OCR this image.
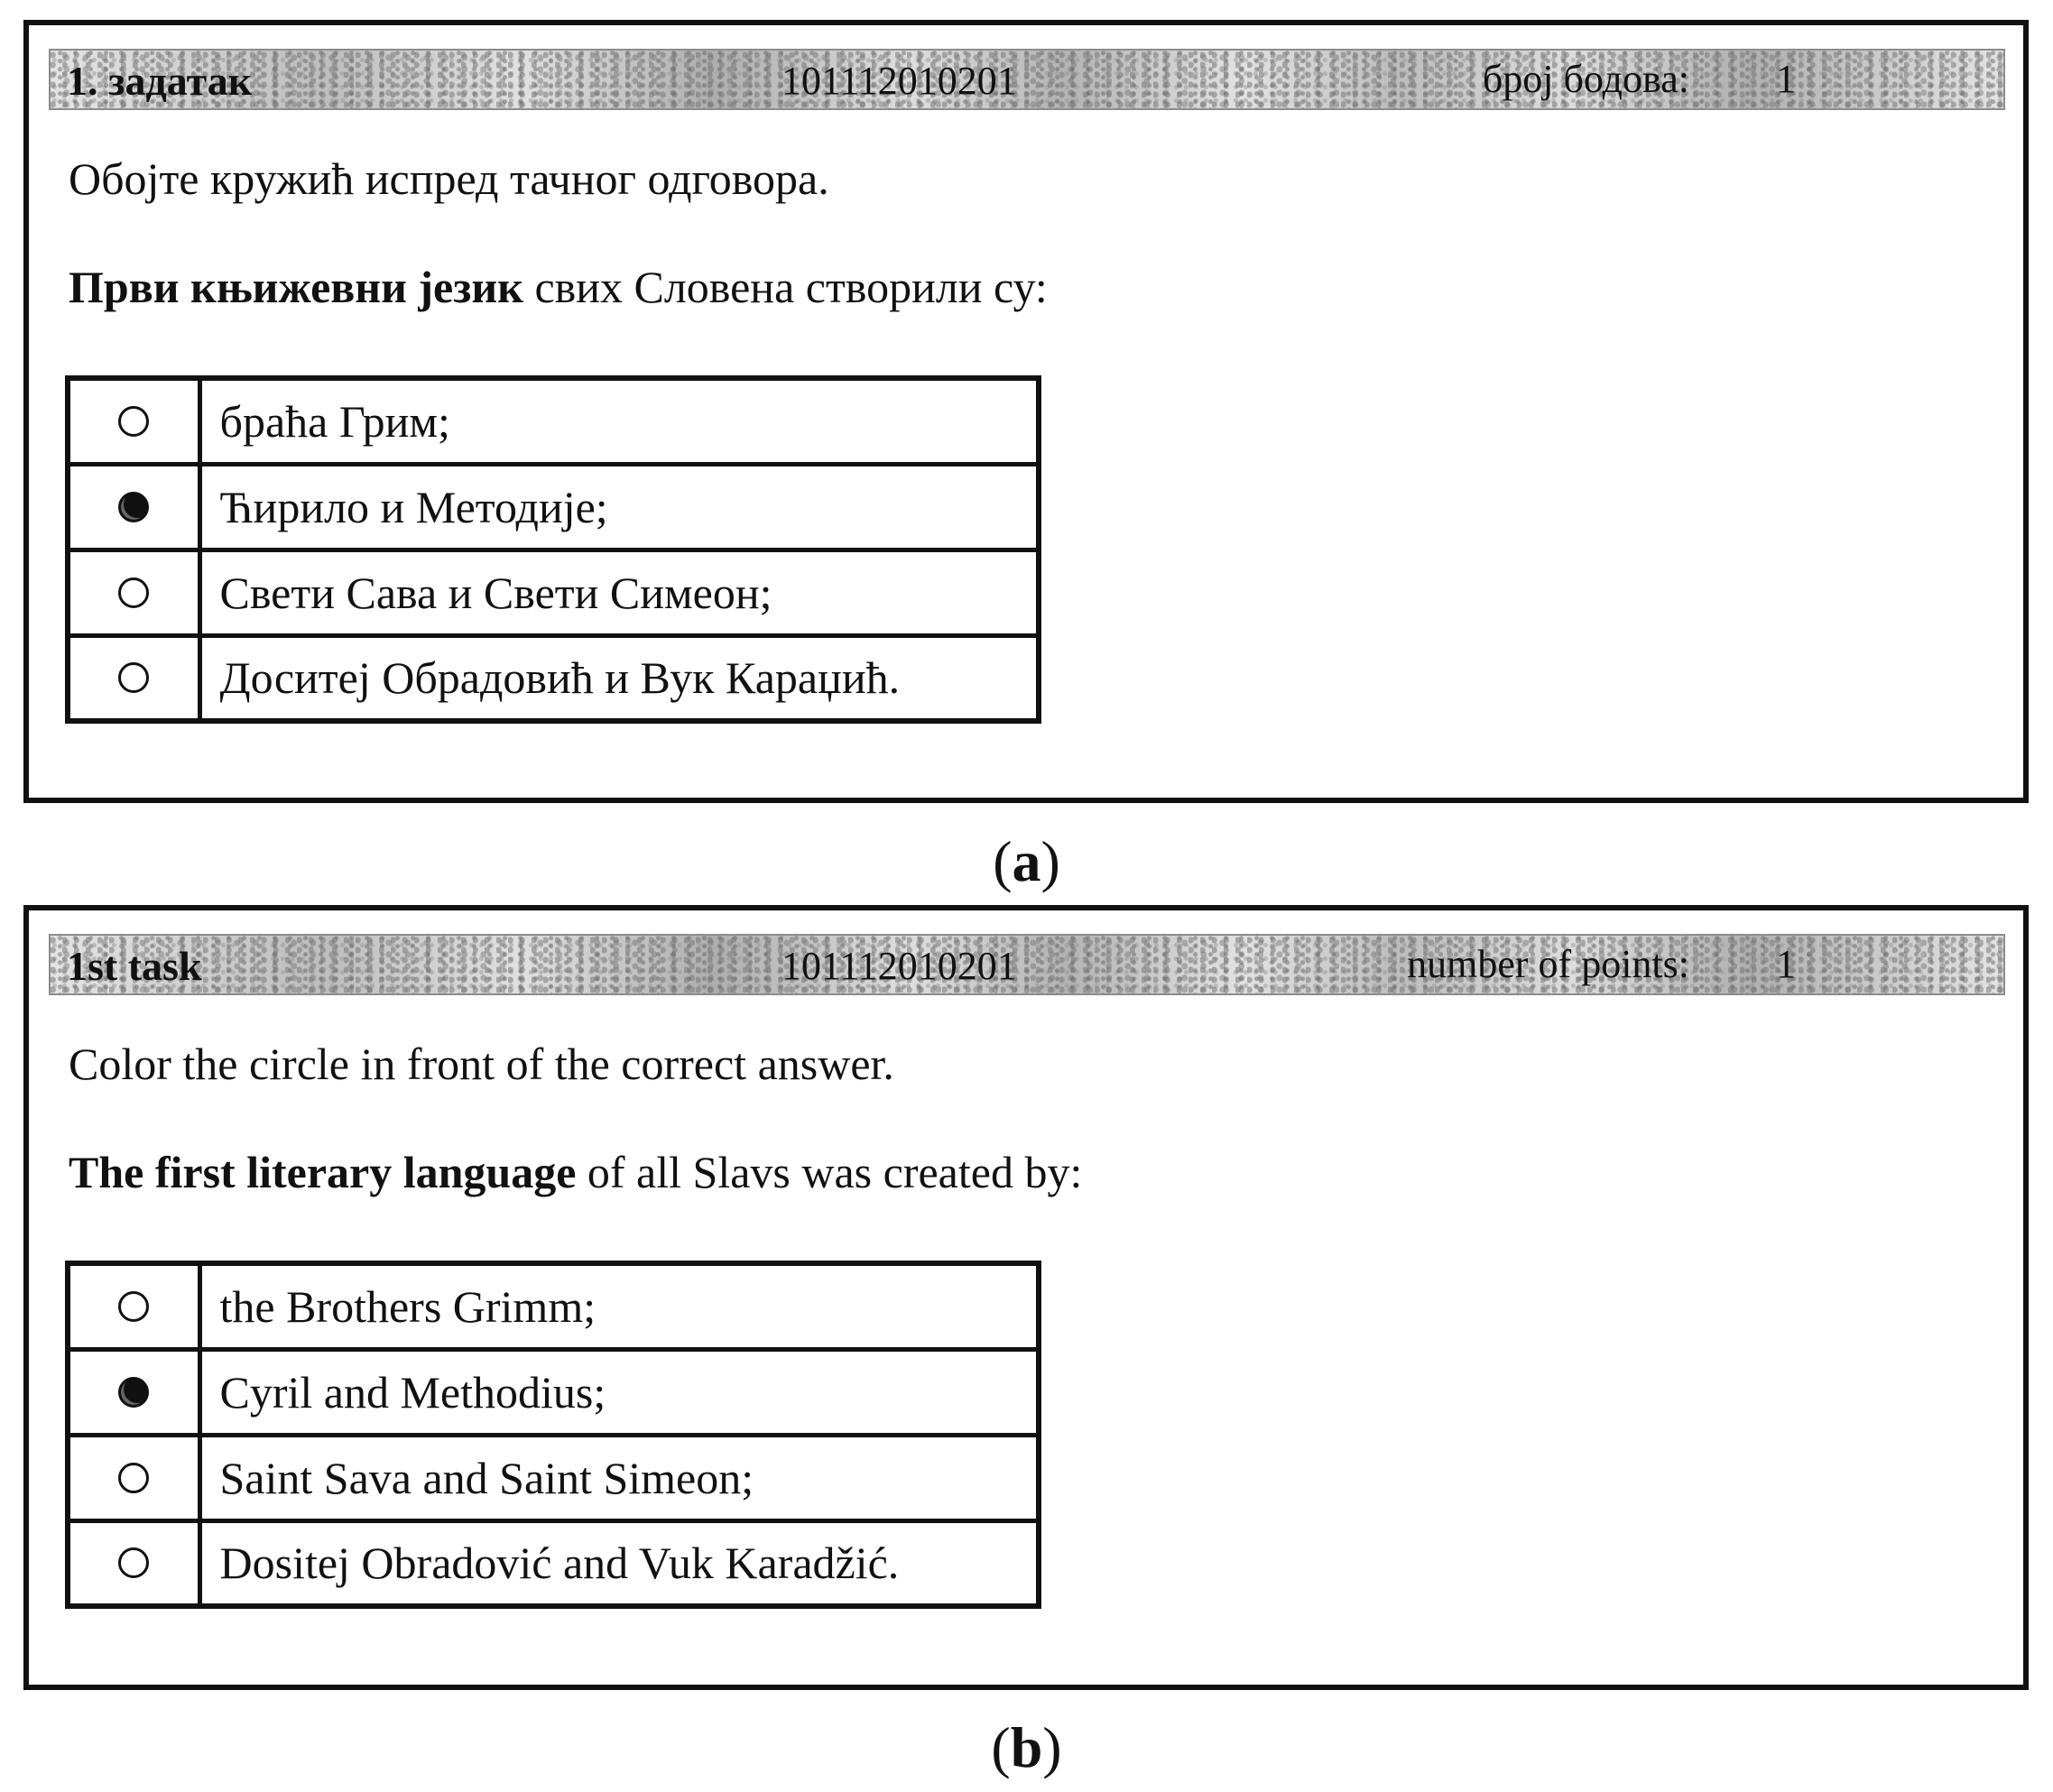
1. задатак	101112010201	број бодова: 1
Обојте кружић испред тачног одговора.
Први књижевни језик свих Словена створили су:
	браћа Грим;
	Ћирило и Методије;
	Свети Сава и Свети Симеон;
	Доситеј Обрадовић и Вук Караџић.
(a)
1st task	101112010201	number of points: 1
Color the circle in front of the correct answer.
The first literary language of all Slavs was created by:
	the Brothers Grimm;
	Cyril and Methodius;
	Saint Sava and Saint Simeon;
	Dositej Obradović and Vuk Karadžić.
(b)
